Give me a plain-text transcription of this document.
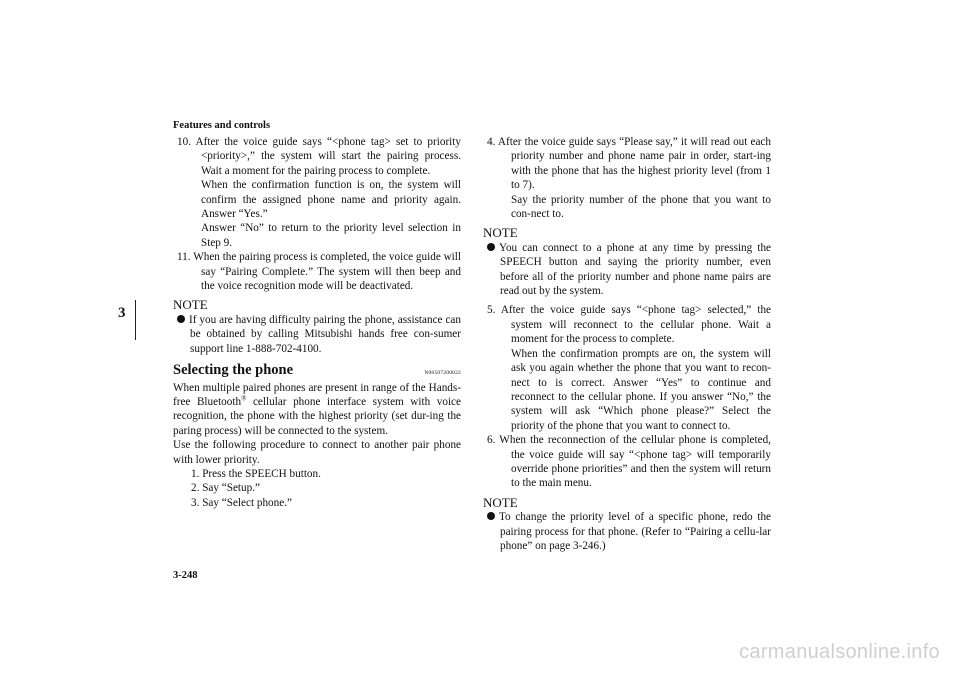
Features and controls
3

10. After the voice guide says “<phone tag> set to priority <priority>,” the system will start the pairing process. Wait a moment for the pairing process to complete.

When the confirmation function is on, the system will confirm the assigned phone name and priority again. Answer “Yes.”

Answer “No” to return to the priority level selection in Step 9.

11. When the pairing process is completed, the voice guide will say “Pairing Complete.” The system will then beep and the voice recognition mode will be deactivated.

NOTE

If you are having difficulty pairing the phone, assistance can be obtained by calling Mitsubishi hands free con-sumer support line 1-888-702-4100.

Selecting the phone	N00507200022

When multiple paired phones are present in range of the Hands-free Bluetooth® cellular phone interface system with voice recognition, the phone with the highest priority (set dur-ing the paring process) will be connected to the system.

Use the following procedure to connect to another pair phone with lower priority.

1. Press the SPEECH button.

2. Say “Setup.”

3. Say “Select phone.”

4. After the voice guide says “Please say,” it will read out each priority number and phone name pair in order, start-ing with the phone that has the highest priority level (from 1 to 7).

Say the priority number of the phone that you want to con-nect to.

NOTE

You can connect to a phone at any time by pressing the SPEECH button and saying the priority number, even before all of the priority number and phone name pairs are read out by the system.

5. After the voice guide says “<phone tag> selected,” the system will reconnect to the cellular phone. Wait a moment for the process to complete.

When the confirmation prompts are on, the system will ask you again whether the phone that you want to recon-nect to is correct. Answer “Yes” to continue and reconnect to the cellular phone. If you answer “No,” the system will ask “Which phone please?” Select the priority of the phone that you want to connect to.

6. When the reconnection of the cellular phone is completed, the voice guide will say “<phone tag> will temporarily override phone priorities” and then the system will return to the main menu.

NOTE

To change the priority level of a specific phone, redo the pairing process for that phone. (Refer to “Pairing a cellu-lar phone” on page 3-246.)

3-248
carmanualsonline.info
